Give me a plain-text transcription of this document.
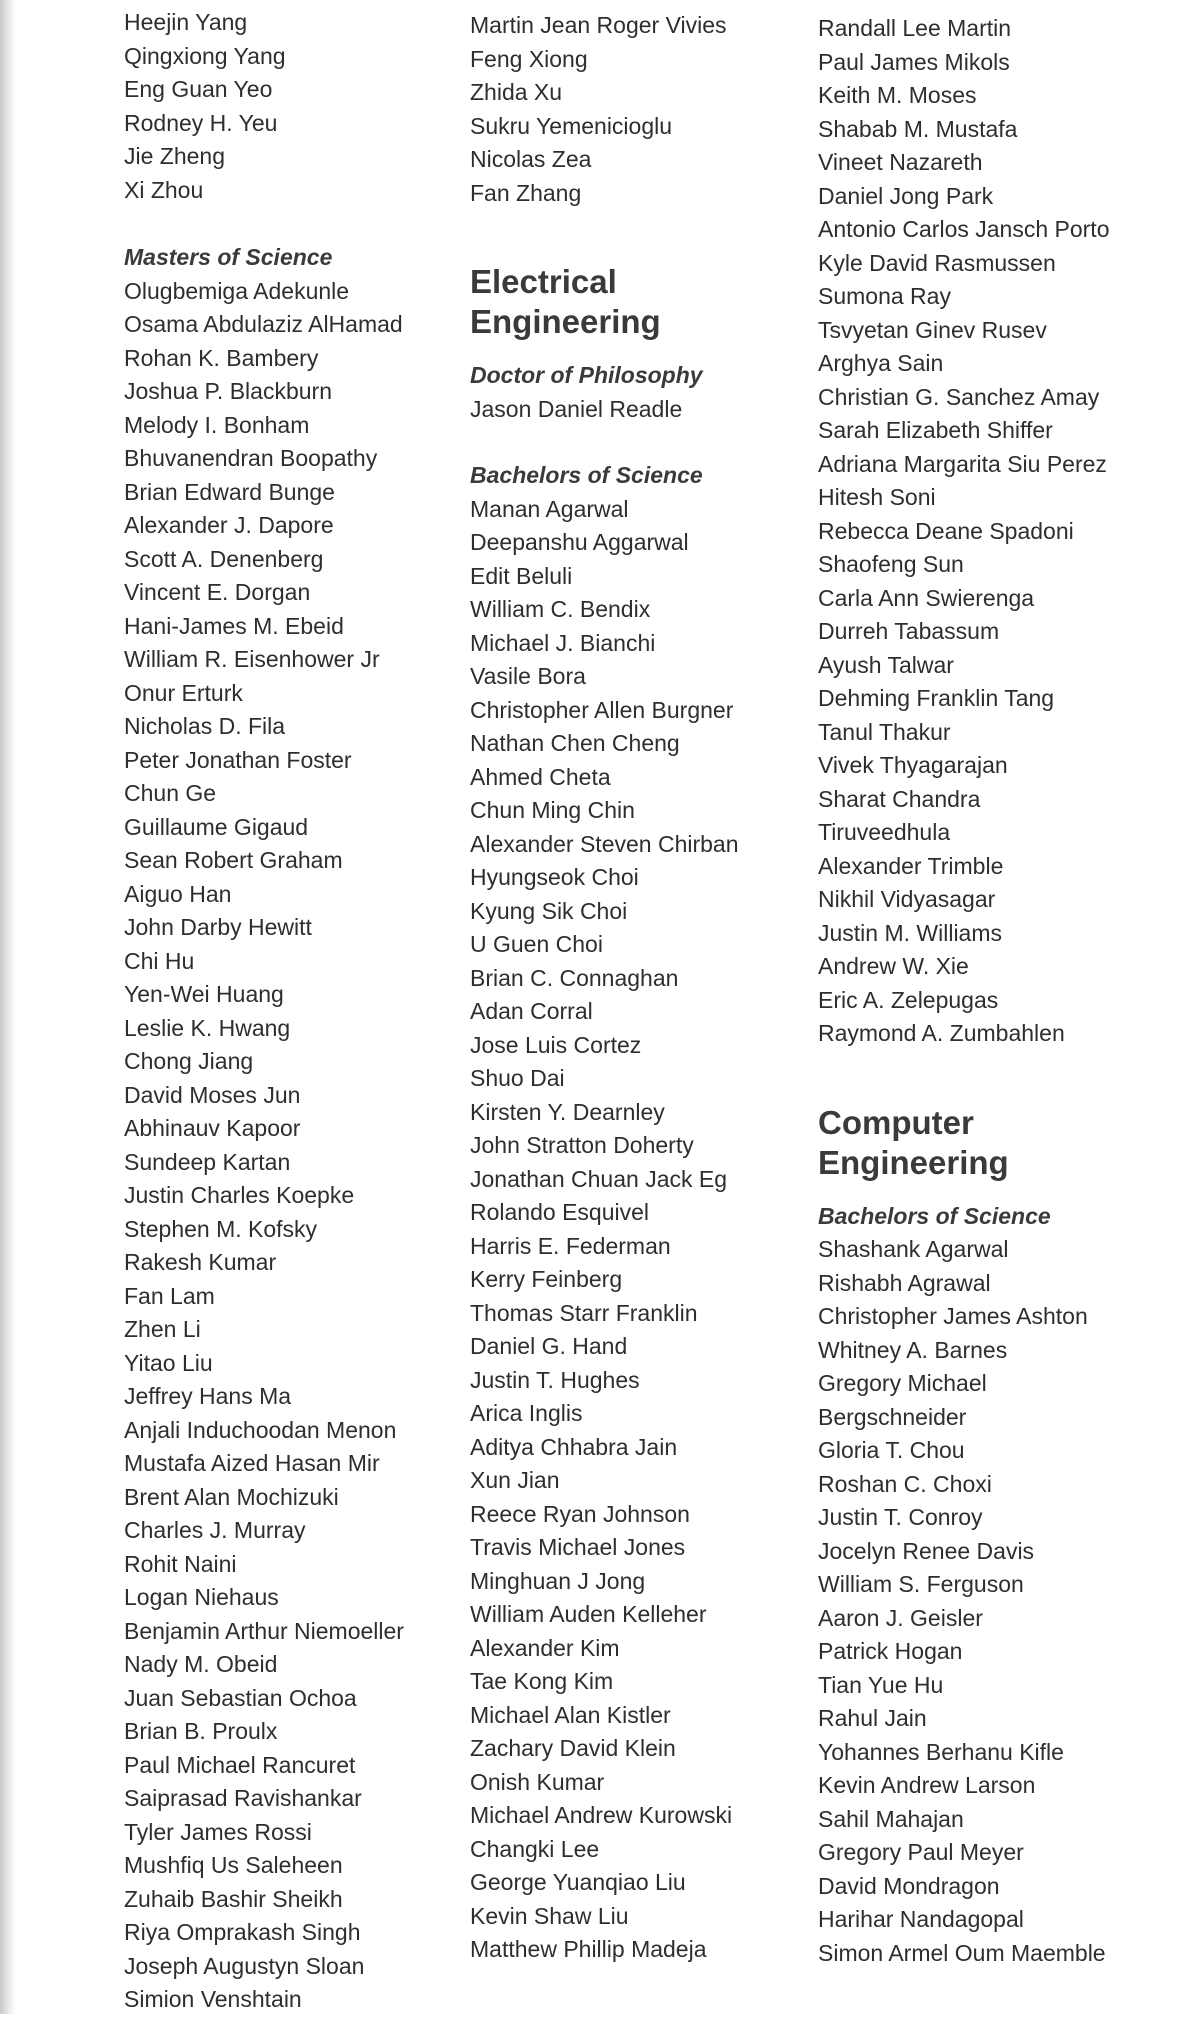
Heejin Yang
Qingxiong Yang
Eng Guan Yeo
Rodney H. Yeu
Jie Zheng
Xi Zhou
Masters of Science
Olugbemiga Adekunle
Osama Abdulaziz AlHamad
Rohan K. Bambery
Joshua P. Blackburn
Melody I. Bonham
Bhuvanendran Boopathy
Brian Edward Bunge
Alexander J. Dapore
Scott A. Denenberg
Vincent E. Dorgan
Hani-James M. Ebeid
William R. Eisenhower Jr
Onur Erturk
Nicholas D. Fila
Peter Jonathan Foster
Chun Ge
Guillaume Gigaud
Sean Robert Graham
Aiguo Han
John Darby Hewitt
Chi Hu
Yen-Wei Huang
Leslie K. Hwang
Chong Jiang
David Moses Jun
Abhinauv Kapoor
Sundeep Kartan
Justin Charles Koepke
Stephen M. Kofsky
Rakesh Kumar
Fan Lam
Zhen Li
Yitao Liu
Jeffrey Hans Ma
Anjali Induchoodan Menon
Mustafa Aized Hasan Mir
Brent Alan Mochizuki
Charles J. Murray
Rohit Naini
Logan Niehaus
Benjamin Arthur Niemoeller
Nady M. Obeid
Juan Sebastian Ochoa
Brian B. Proulx
Paul Michael Rancuret
Saiprasad Ravishankar
Tyler James Rossi
Mushfiq Us Saleheen
Zuhaib Bashir Sheikh
Riya Omprakash Singh
Joseph Augustyn Sloan
Simion Venshtain
Martin Jean Roger Vivies
Feng Xiong
Zhida Xu
Sukru Yemenicioglu
Nicolas Zea
Fan Zhang
Electrical
Engineering
Doctor of Philosophy
Jason Daniel Readle
Bachelors of Science
Manan Agarwal
Deepanshu Aggarwal
Edit Beluli
William C. Bendix
Michael J. Bianchi
Vasile Bora
Christopher Allen Burgner
Nathan Chen Cheng
Ahmed Cheta
Chun Ming Chin
Alexander Steven Chirban
Hyungseok Choi
Kyung Sik Choi
U Guen Choi
Brian C. Connaghan
Adan Corral
Jose Luis Cortez
Shuo Dai
Kirsten Y. Dearnley
John Stratton Doherty
Jonathan Chuan Jack Eg
Rolando Esquivel
Harris E. Federman
Kerry Feinberg
Thomas Starr Franklin
Daniel G. Hand
Justin T. Hughes
Arica Inglis
Aditya Chhabra Jain
Xun Jian
Reece Ryan Johnson
Travis Michael Jones
Minghuan J Jong
William Auden Kelleher
Alexander Kim
Tae Kong Kim
Michael Alan Kistler
Zachary David Klein
Onish Kumar
Michael Andrew Kurowski
Changki Lee
George Yuanqiao Liu
Kevin Shaw Liu
Matthew Phillip Madeja
Randall Lee Martin
Paul James Mikols
Keith M. Moses
Shabab M. Mustafa
Vineet Nazareth
Daniel Jong Park
Antonio Carlos Jansch Porto
Kyle David Rasmussen
Sumona Ray
Tsvyetan Ginev Rusev
Arghya Sain
Christian G. Sanchez Amay
Sarah Elizabeth Shiffer
Adriana Margarita Siu Perez
Hitesh Soni
Rebecca Deane Spadoni
Shaofeng Sun
Carla Ann Swierenga
Durreh Tabassum
Ayush Talwar
Dehming Franklin Tang
Tanul Thakur
Vivek Thyagarajan
Sharat Chandra
Tiruveedhula
Alexander Trimble
Nikhil Vidyasagar
Justin M. Williams
Andrew W. Xie
Eric A. Zelepugas
Raymond A. Zumbahlen
Computer
Engineering
Bachelors of Science
Shashank Agarwal
Rishabh Agrawal
Christopher James Ashton
Whitney A. Barnes
Gregory Michael
Bergschneider
Gloria T. Chou
Roshan C. Choxi
Justin T. Conroy
Jocelyn Renee Davis
William S. Ferguson
Aaron J. Geisler
Patrick Hogan
Tian Yue Hu
Rahul Jain
Yohannes Berhanu Kifle
Kevin Andrew Larson
Sahil Mahajan
Gregory Paul Meyer
David Mondragon
Harihar Nandagopal
Simon Armel Oum Maemble
